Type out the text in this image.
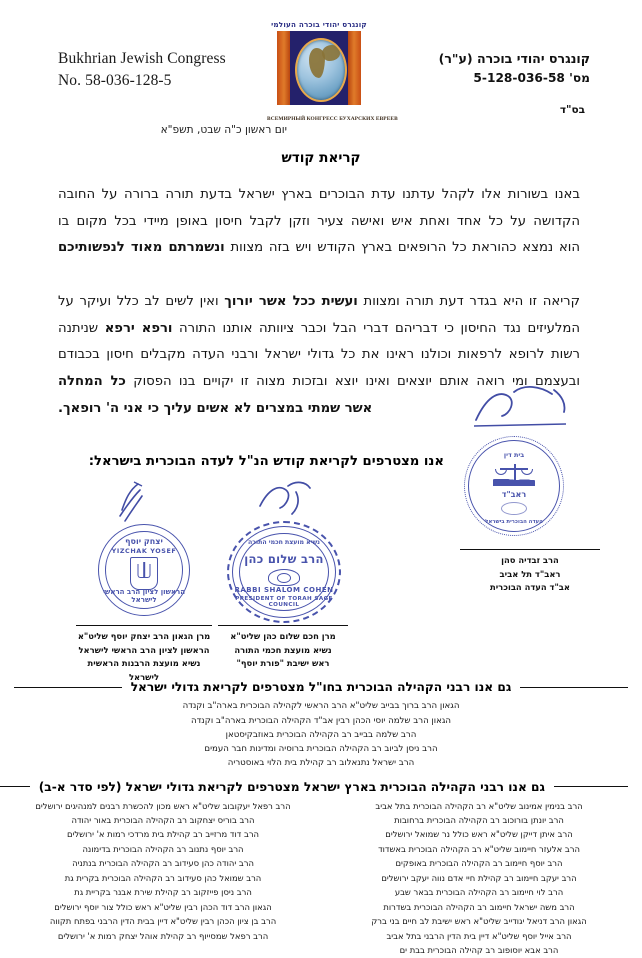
Bukhrian Jewish Congress
No. 58-036-128-5
קונגרס יהודי בוכרה העולמי
ВСЕМИРНЫЙ КОНГРЕСС БУХАРСКИХ ЕВРЕЕВ
קונגרס יהודי בוכרה (ע"ר)
מס' 5-128-036-58
בס"ד
יום ראשון כ"ה שבט, תשפ"א
קריאת קודש
באנו בשורות אלו לקהל עדתנו עדת הבוכרים בארץ ישראל בדעת תורה ברורה על החובה
הקדושה על כל אחד ואחת איש ואישה צעיר וזקן לקבל חיסון באופן מיידי בכל מקום בו
הוא נמצא כהוראת כל הרופאים בארץ הקודש ויש בזה מצוות ונשמרתם מאוד לנפשותיכם
קריאה זו היא בגדר דעת תורה ומצוות ועשית ככל אשר יורוך ואין לשים לב כלל ועיקר על
המלעיזים נגד החיסון כי דבריהם דברי הבל וכבר ציוותה אותנו התורה ורפא ירפא שניתנה
רשות לרופא לרפאות וכולנו ראינו את כל גדולי ישראל ורבני העדה מקבלים חיסון בכבודם
ובעצמם ומי רואה אותם יוצאים ואינו יוצא ובזכות מצוה זו יקויים בנו הפסוק כל המחלה
אשר שמתי במצרים לא אשים עליך כי אני ה' רופאך.
אנו מצטרפים לקריאת קודש הנ"ל לעדה הבוכרית בישראל:
יצחק יוסף
YIZCHAK YOSEF
הראשון לציון הרב הראשי לישראל
נשיא מועצת חכמי התורה
הרב שלום כהן
RABBI SHALOM COHEN
PRESIDENT OF TORAH SAGE COUNCIL
בית דין
ראב"ד
העדה הבוכרית בישראל
מרן הגאון הרב יצחק יוסף שליט"א
הראשון לציון הרב הראשי לישראל
נשיא מועצת הרבנות הראשית לישראל
מרן חכם שלום כהן שליט"א
נשיא מועצת חכמי התורה
ראש ישיבת "פורת יוסף"
הרב זבדיה סהן
ראב"ד תל אביב
אב"ד העדה הבוכרית
גם אנו רבני הקהילה הבוכרית בחו"ל מצטרפים לקריאת גדולי ישראל
הגאון הרב ברוך בבייב שליט"א הרב הראשי לקהילה הבוכרית בארה"ב וקנדה
הגאון הרב שלמה יוסי הכהן רבין אב"ד הקהילה הבוכרית בארה"ב וקנדה
הרב שלמה בבייב רב הקהילה הבוכרית באוזבקיסטאן
הרב ניסן לביוב רב הקהילה הבוכרית ברוסיה ומדינות חבר העמים
הרב ישראל נתנאלוב רב קהילת בית הלוי באוסטריה
גם אנו רבני הקהילה הבוכרית בארץ ישראל מצטרפים לקריאת גדולי ישראל (לפי סדר א-ב)
הרב בנימין אמינוב שליט"א רב הקהילה הבוכרית בתל אביב
הרב יונתן בורוכוב רב הקהילה הבוכרית ברחובות
הרב איתן דייקן שליט"א ראש כולל נר שמואל ירושלים
הרב אלעזר חיימוב שליט"א רב הקהילה הבוכרית באשדוד
הרב יוסף חיימוב רב הקהילה הבוכרית באופקים
הרב יעקב חיימוב רב קהילת חיי אדם נווה יעקב ירושלים
הרב לוי חיימוב רב הקהילה הבוכרית בבאר שבע
הרב משה ישראל חיימוב רב הקהילה הבוכרית בשדרות
הגאון הרב דניאל יגודייב שליט"א ראש ישיבת לב חיים בני ברק
הרב אייל יוסף שליט"א דיין בית הדין הרבני בתל אביב
הרב אבא יוסופוב רב קהילה הבוכרית בבת ים
הרב רפאל יעקובוב שליט"א ראש מכון להכשרת רבנים למנהיגים ירושלים
הרב בוריס יצחקוב רב הקהילה הבוכרית באור יהודה
הרב דוד מרזייב רב קהילת בית מרדכי רמות א' ירושלים
הרב יוסף נתנוב רב הקהילה הבוכרית בדימונה
הרב יהודה כהן סעידוב רב הקהילה הבוכרית בנתניה
הרב שמואל כהן סעידוב רב הקהילה הבוכרית בקרית גת
הרב ניסן פייזקוב רב קהילת שירת אבנר בקריית גת
הגאון הרב דוד הכהן רבין שליט"א ראש כולל צור יוסף ירושלים
הרב בן ציון הכהן רבין שליט"א דיין בבית הדין הרבני בפתח תקווה
הרב רפאל שמסייוף רב קהילת אוהל יצחק רמות א' ירושלים
